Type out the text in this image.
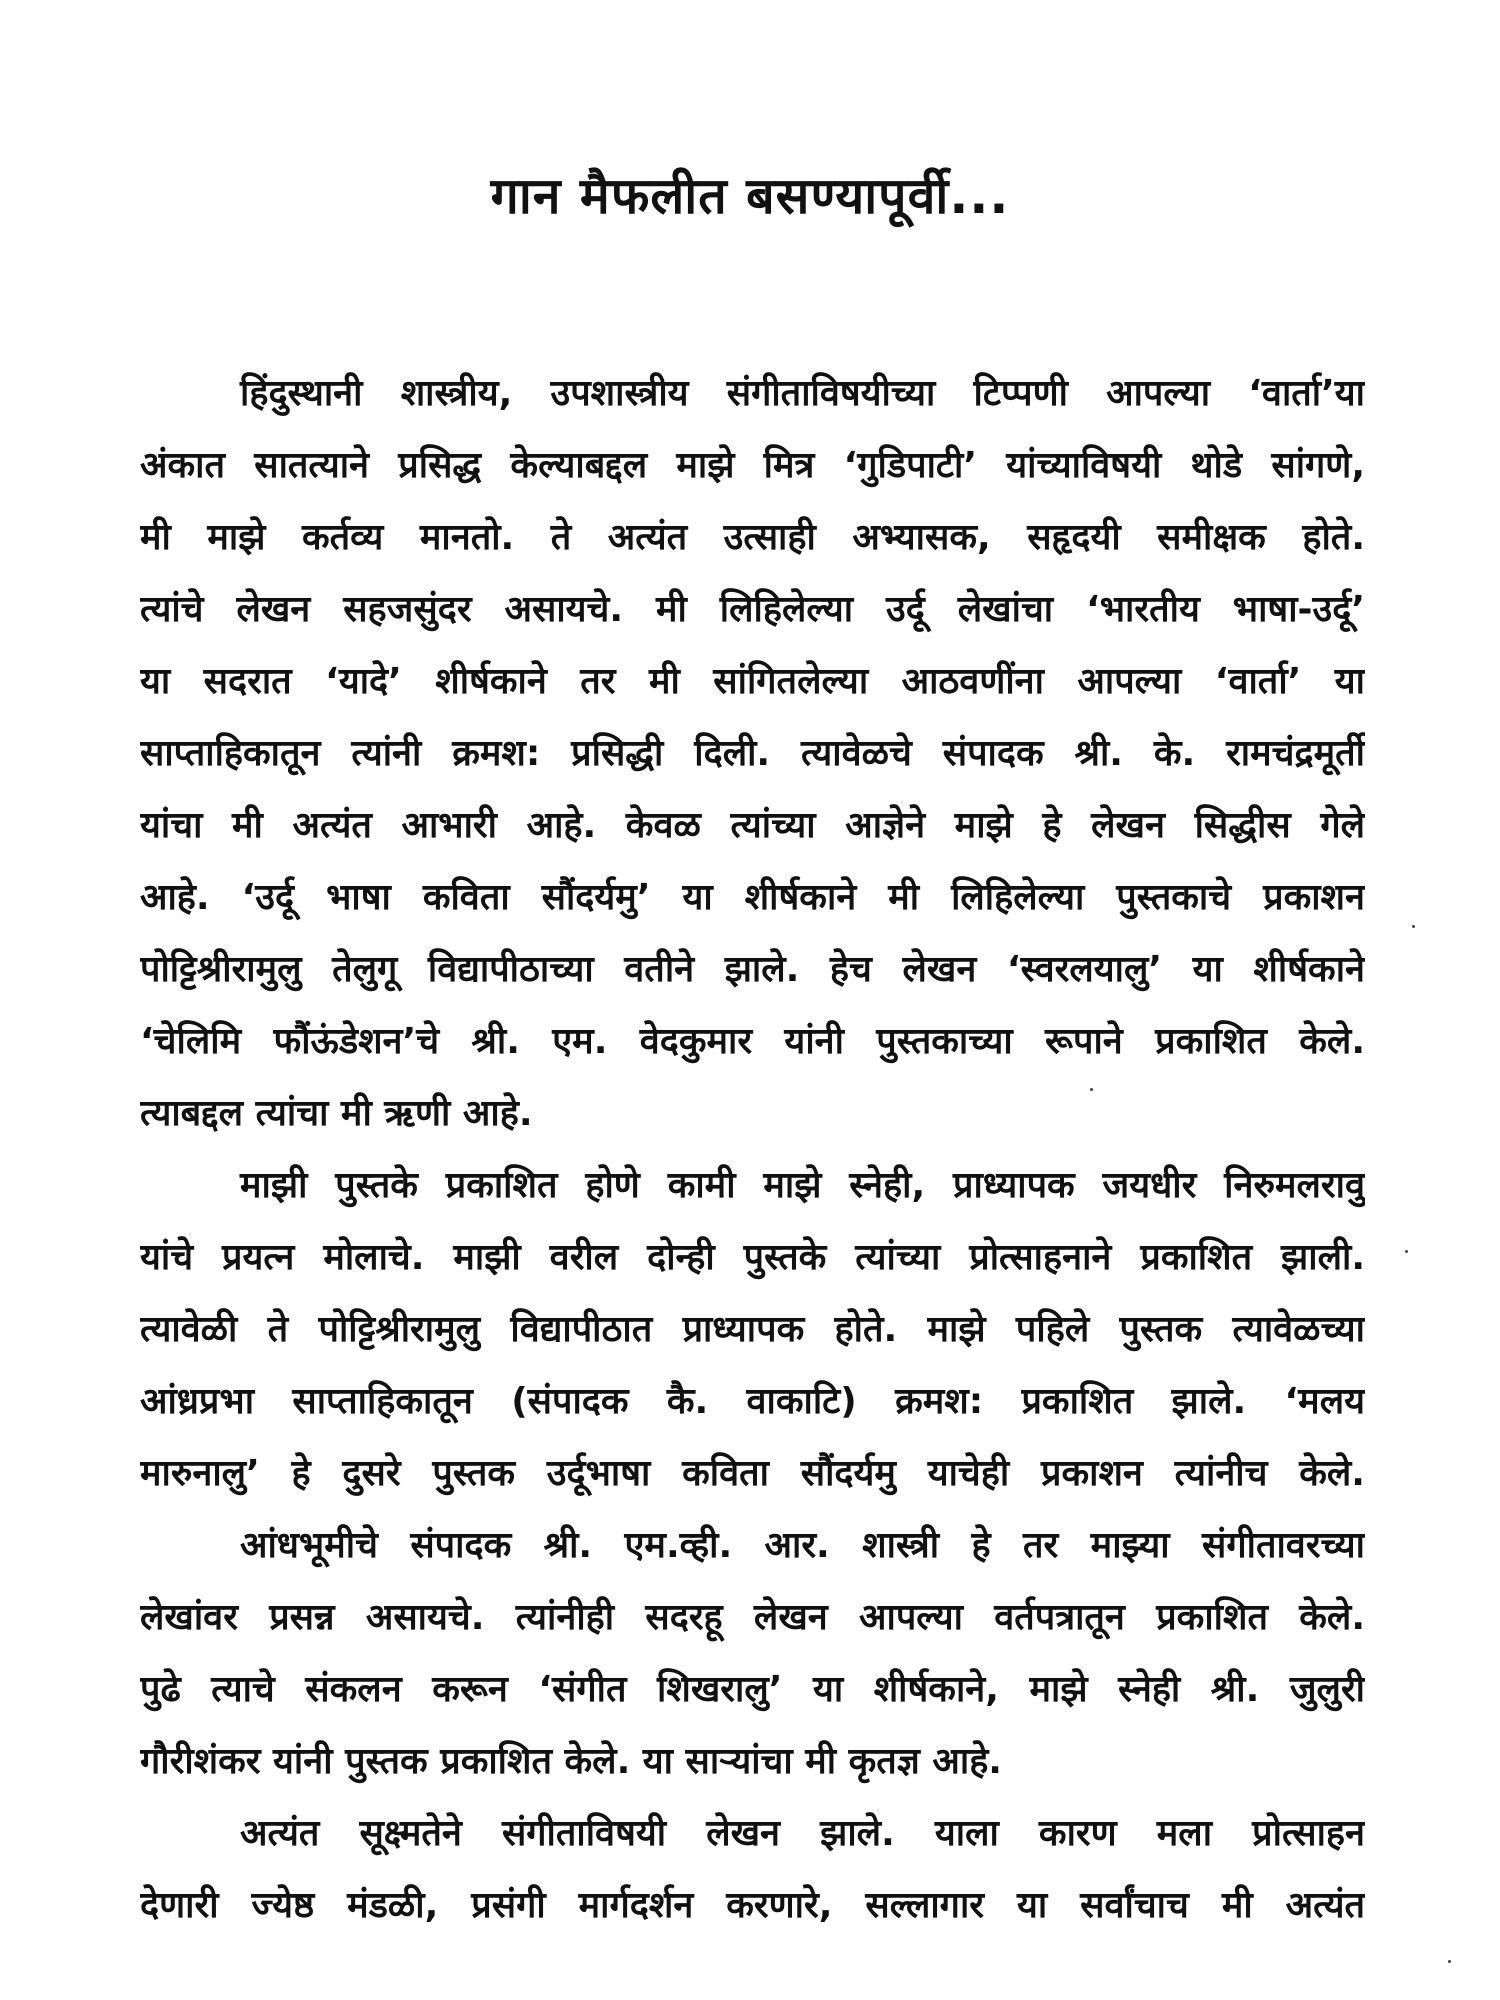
गान मैफलीत बसण्यापूर्वी...
हिंदुस्थानी शास्त्रीय, उपशास्त्रीय संगीताविषयीच्या टिप्पणी आपल्या ‘वार्ता’या
अंकात सातत्याने प्रसिद्ध केल्याबद्दल माझे मित्र ‘गुडिपाटी’ यांच्याविषयी थोडे सांगणे,
मी माझे कर्तव्य मानतो. ते अत्यंत उत्साही अभ्यासक, सहृदयी समीक्षक होते.
त्यांचे लेखन सहजसुंदर असायचे. मी लिहिलेल्या उर्दू लेखांचा ‘भारतीय भाषा-उर्दू’
या सदरात ‘यादे’ शीर्षकाने तर मी सांगितलेल्या आठवणींना आपल्या ‘वार्ता’ या
साप्ताहिकातून त्यांनी क्रमश: प्रसिद्धी दिली. त्यावेळचे संपादक श्री. के. रामचंद्रमूर्ती
यांचा मी अत्यंत आभारी आहे. केवळ त्यांच्या आज्ञेने माझे हे लेखन सिद्धीस गेले
आहे. ‘उर्दू भाषा कविता सौंदर्यमु’ या शीर्षकाने मी लिहिलेल्या पुस्तकाचे प्रकाशन
पोट्टिश्रीरामुलु तेलुगू विद्यापीठाच्या वतीने झाले. हेच लेखन ‘स्वरलयालु’ या शीर्षकाने
‘चेलिमि फौंऊंडेशन’चे श्री. एम. वेदकुमार यांनी पुस्तकाच्या रूपाने प्रकाशित केले.
त्याबद्दल त्यांचा मी ऋणी आहे.
माझी पुस्तके प्रकाशित होणे कामी माझे स्नेही, प्राध्यापक जयधीर निरुमलरावु
यांचे प्रयत्न मोलाचे. माझी वरील दोन्ही पुस्तके त्यांच्या प्रोत्साहनाने प्रकाशित झाली.
त्यावेळी ते पोट्टिश्रीरामुलु विद्यापीठात प्राध्यापक होते. माझे पहिले पुस्तक त्यावेळच्या
आंध्रप्रभा साप्ताहिकातून (संपादक कै. वाकाटि) क्रमश: प्रकाशित झाले. ‘मलय
मारुनालु’ हे दुसरे पुस्तक उर्दूभाषा कविता सौंदर्यमु याचेही प्रकाशन त्यांनीच केले.
आंधभूमीचे संपादक श्री. एम.व्ही. आर. शास्त्री हे तर माझ्या संगीतावरच्या
लेखांवर प्रसन्न असायचे. त्यांनीही सदरहू लेखन आपल्या वर्तपत्रातून प्रकाशित केले.
पुढे त्याचे संकलन करून ‘संगीत शिखरालु’ या शीर्षकाने, माझे स्नेही श्री. जुलुरी
गौरीशंकर यांनी पुस्तक प्रकाशित केले. या साऱ्यांचा मी कृतज्ञ आहे.
अत्यंत सूक्ष्मतेने संगीताविषयी लेखन झाले. याला कारण मला प्रोत्साहन
देणारी ज्येष्ठ मंडळी, प्रसंगी मार्गदर्शन करणारे, सल्लागार या सर्वांचाच मी अत्यंत
